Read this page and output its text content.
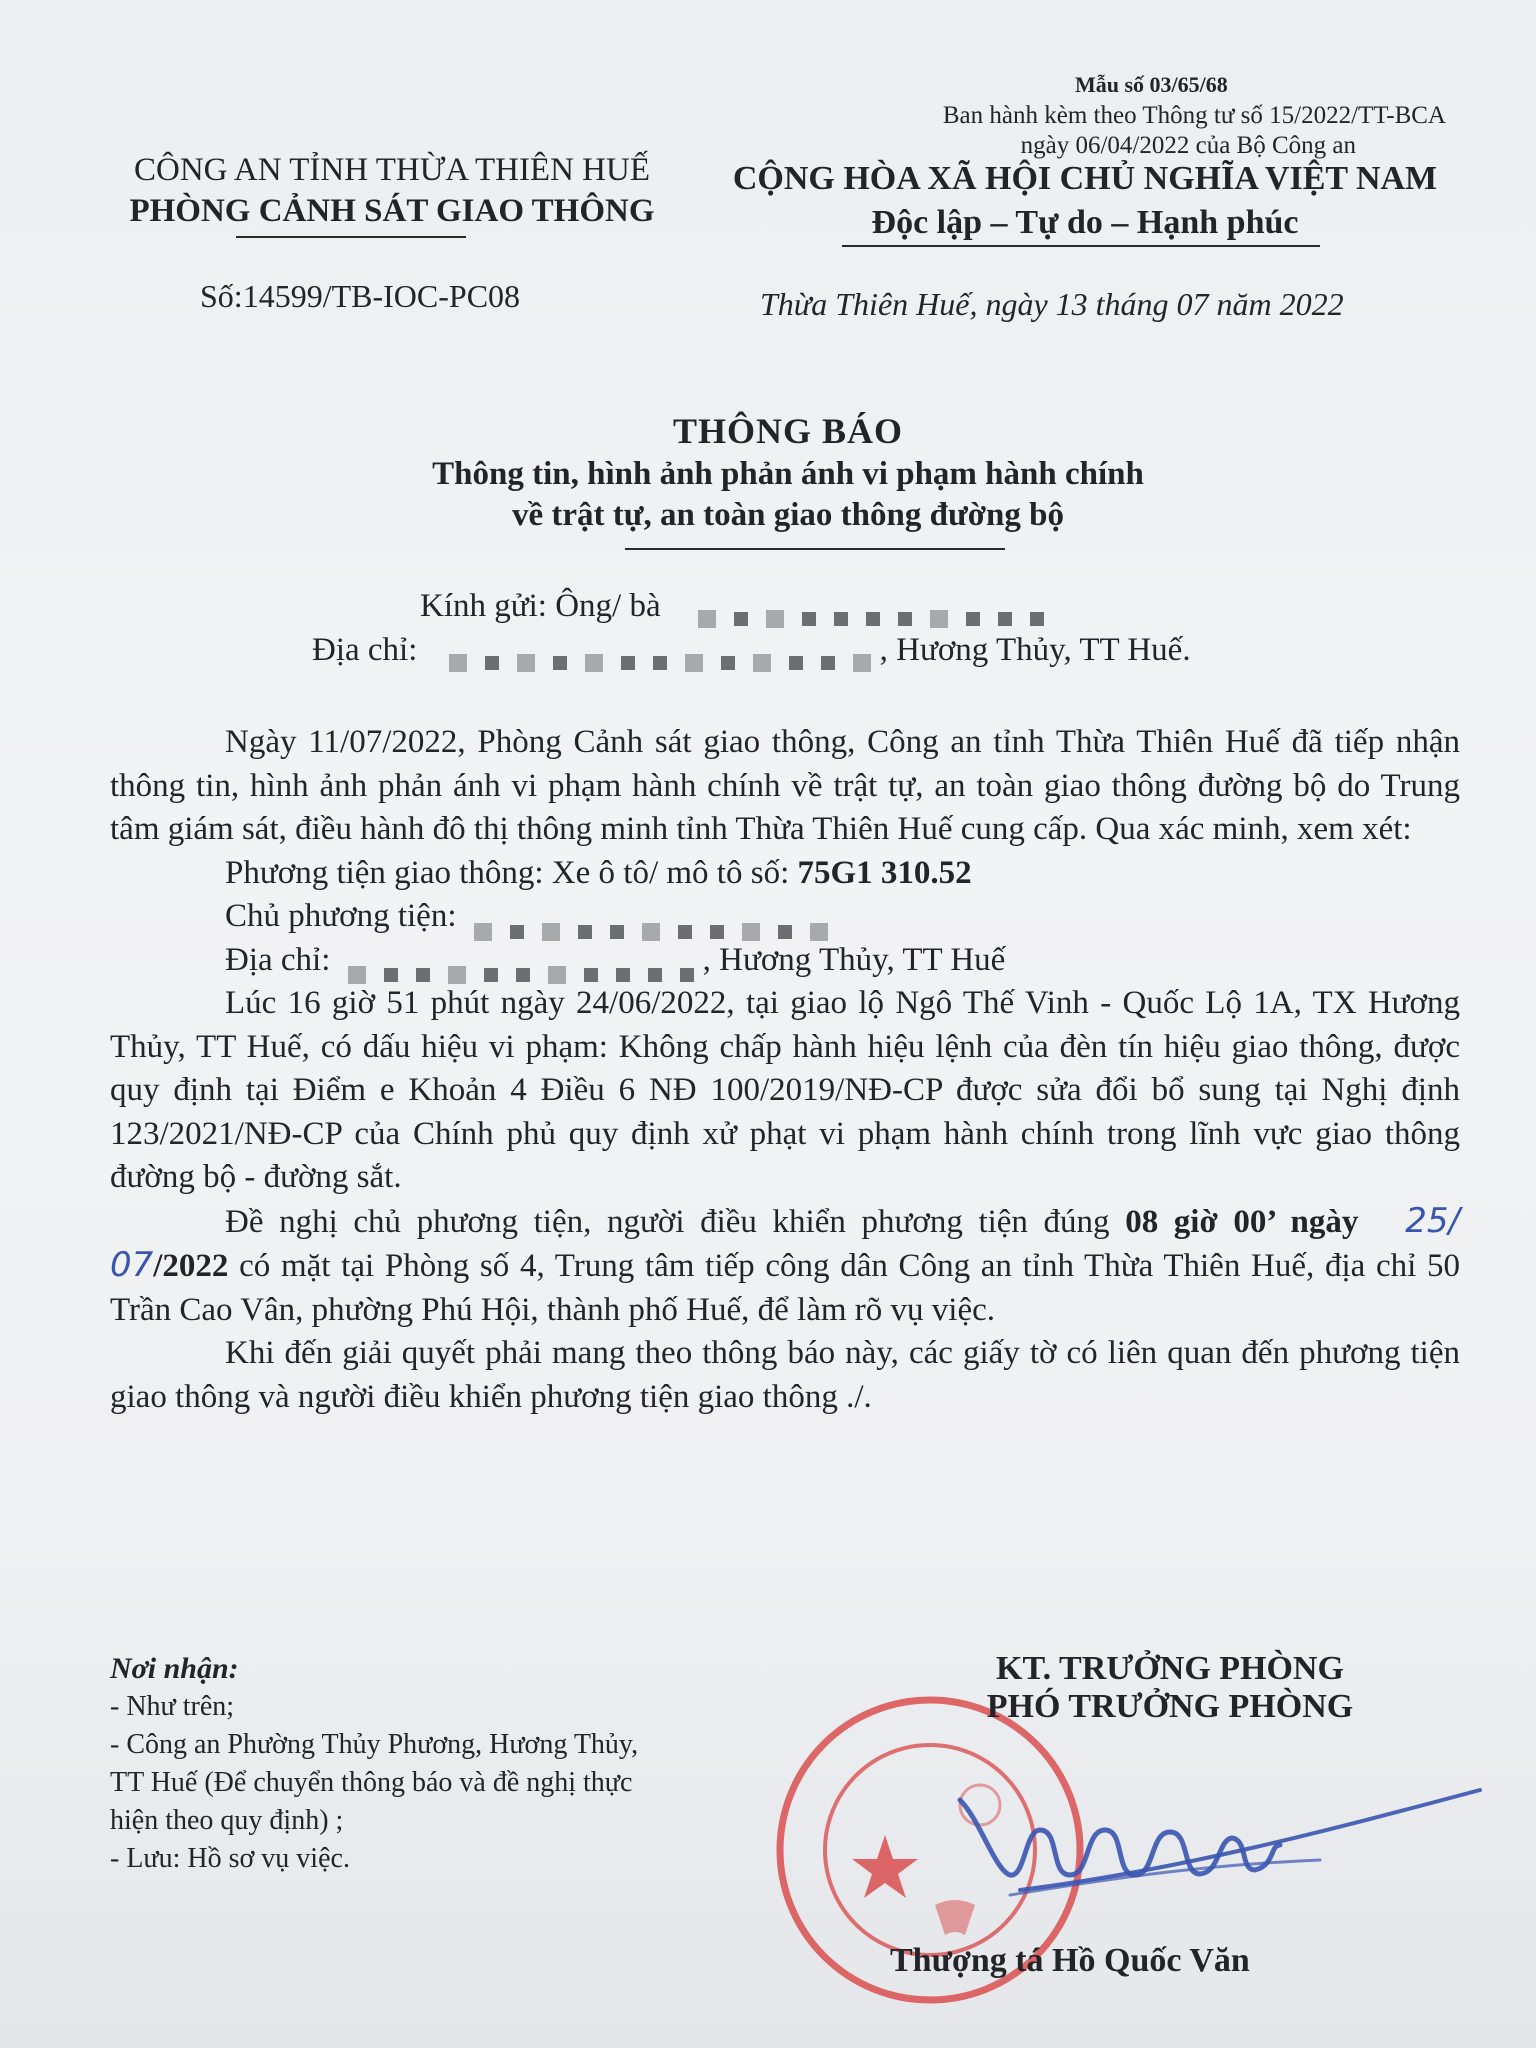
Mẫu số 03/65/68
Ban hành kèm theo Thông tư số 15/2022/TT-BCA
ngày 06/04/2022 của Bộ Công an
CÔNG AN TỈNH THỪA THIÊN HUẾ
PHÒNG CẢNH SÁT GIAO THÔNG
Số:14599/TB-IOC-PC08
CỘNG HÒA XÃ HỘI CHỦ NGHĨA VIỆT NAM
Độc lập – Tự do – Hạnh phúc
Thừa Thiên Huế, ngày 13 tháng 07 năm 2022
THÔNG BÁO
Thông tin, hình ảnh phản ánh vi phạm hành chính
về trật tự, an toàn giao thông đường bộ
Kính gửi: Ông/ bà
Địa chỉ:	, Hương Thủy, TT Huế.

Ngày 11/07/2022, Phòng Cảnh sát giao thông, Công an tỉnh Thừa Thiên Huế đã tiếp nhận thông tin, hình ảnh phản ánh vi phạm hành chính về trật tự, an toàn giao thông đường bộ do Trung tâm giám sát, điều hành đô thị thông minh tỉnh Thừa Thiên Huế cung cấp. Qua xác minh, xem xét:

Phương tiện giao thông: Xe ô tô/ mô tô số: 75G1 310.52

Chủ phương tiện:

Địa chỉ:	, Hương Thủy, TT Huế

Lúc 16 giờ 51 phút ngày 24/06/2022, tại giao lộ Ngô Thế Vinh - Quốc Lộ 1A, TX Hương Thủy, TT Huế, có dấu hiệu vi phạm: Không chấp hành hiệu lệnh của đèn tín hiệu giao thông, được quy định tại Điểm e Khoản 4 Điều 6 NĐ 100/2019/NĐ-CP được sửa đổi bổ sung tại Nghị định 123/2021/NĐ-CP của Chính phủ quy định xử phạt vi phạm hành chính trong lĩnh vực giao thông đường bộ - đường sắt.

Đề nghị chủ phương tiện, người điều khiển phương tiện đúng 08 giờ 00’ ngày 25/ 07/2022 có mặt tại Phòng số 4, Trung tâm tiếp công dân Công an tỉnh Thừa Thiên Huế, địa chỉ 50 Trần Cao Vân, phường Phú Hội, thành phố Huế, để làm rõ vụ việc.

Khi đến giải quyết phải mang theo thông báo này, các giấy tờ có liên quan đến phương tiện giao thông và người điều khiển phương tiện giao thông ./.

Nơi nhận:
- Như trên;
- Công an Phường Thủy Phương, Hương Thủy,
TT Huế (Để chuyển thông báo và đề nghị thực
hiện theo quy định) ;
- Lưu: Hồ sơ vụ việc.
KT. TRƯỞNG PHÒNG
PHÓ TRƯỞNG PHÒNG
Thượng tá Hồ Quốc Văn
